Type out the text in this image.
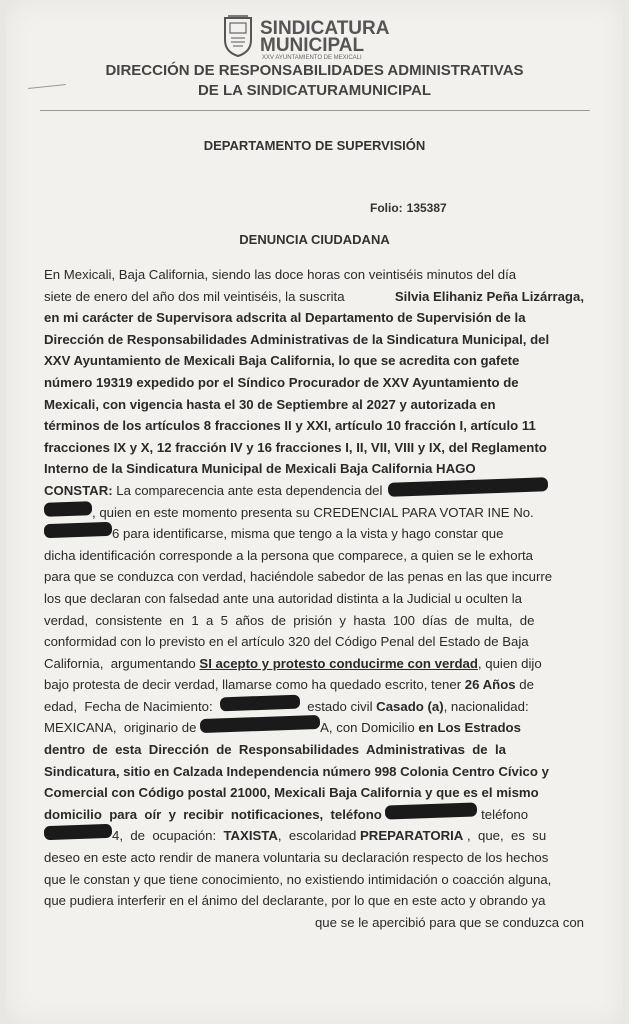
SINDICATURA
MUNICIPAL
XXV AYUNTAMIENTO DE MEXICALI
DIRECCIÓN DE RESPONSABILIDADES ADMINISTRATIVAS
DE LA SINDICATURAMUNICIPAL
DEPARTAMENTO DE SUPERVISIÓN
Folio: 135387
DENUNCIA CIUDADANA
En Mexicali, Baja California, siendo las doce horas con veintiséis minutos del día
siete de enero del año dos mil veintiséis, la suscrita	Silvia Elihaniz Peña Lizárraga,
en mi carácter de Supervisora adscrita al Departamento de Supervisión de la
Dirección de Responsabilidades Administrativas de la Sindicatura Municipal, del
XXV Ayuntamiento de Mexicali Baja California, lo que se acredita con gafete
número 19319 expedido por el Síndico Procurador de XXV Ayuntamiento de
Mexicali, con vigencia hasta el 30 de Septiembre al 2027 y autorizada en
términos de los artículos 8 fracciones II y XXI, artículo 10 fracción I, artículo 11
fracciones IX y X, 12 fracción IV y 16 fracciones I, II, VII, VIII y IX, del Reglamento
Interno de la Sindicatura Municipal de Mexicali Baja California HAGO
CONSTAR: La comparecencia ante esta dependencia del
, quien en este momento presenta su CREDENCIAL PARA VOTAR INE No.
6 para identificarse, misma que tengo a la vista y hago constar que
dicha identificación corresponde a la persona que comparece, a quien se le exhorta
para que se conduzca con verdad, haciéndole sabedor de las penas en las que incurre
los que declaran con falsedad ante una autoridad distinta a la Judicial u oculten la
verdad,  consistente  en  1  a  5  años  de  prisión  y  hasta  100  días  de  multa,  de
conformidad con lo previsto en el artículo 320 del Código Penal del Estado de Baja
California,  argumentando SI acepto y protesto conducirme con verdad , quien dijo
bajo protesta de decir verdad, llamarse como ha quedado escrito, tener 26 Años de
edad,  Fecha de Nacimiento:	estado civil Casado (a) , nacionalidad:
MEXICANA,  originario de	A, con Domicilio en Los Estrados
dentro  de  esta  Dirección  de  Responsabilidades  Administrativas  de  la
Sindicatura, sitio en Calzada Independencia número 998 Colonia Centro Cívico y
Comercial con Código postal 21000, Mexicali Baja California y que es el mismo
domicilio  para  oír  y  recibir  notificaciones,  teléfono	teléfono
4,  de  ocupación: TAXISTA ,  escolaridad PREPARATORIA ,  que,  es  su
deseo en este acto rendir de manera voluntaria su declaración respecto de los hechos
que le constan y que tiene conocimiento, no existiendo intimidación o coacción alguna,
que pudiera interferir en el ánimo del declarante, por lo que en este acto y obrando ya
que se le apercibió para que se conduzca con
